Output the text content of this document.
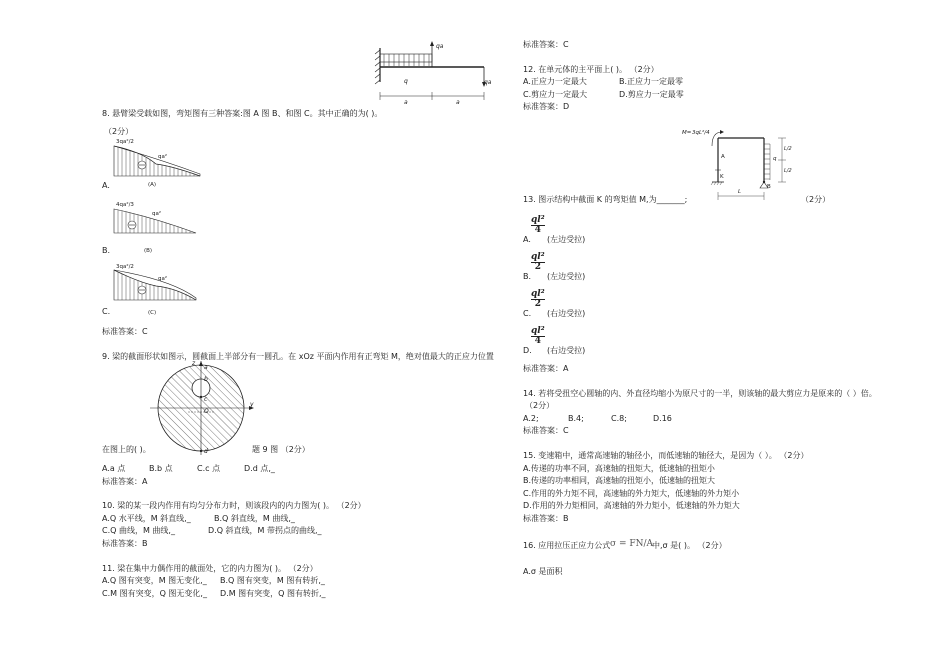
q
qa
a	a
qa
8. 悬臂梁受载如图，弯矩图有三种答案:图 A 图 B、和图 C。其中正确的为( )。
（2分）
3qa²/2
qa²
(A)
A.
4qa²/3
qa²
(B)
B.
3qa²/2
qa²
(C)
C.
标准答案：C
9. 梁的截面形状如图示，圆截面上半部分有一圆孔。在 xOz 平面内作用有正弯矩 M，绝对值最大的正应力位置
z
y
a
b
c
O
d
在图上的( )。	题 9 图 （2分）
A.a 点	B.b 点	C.c 点	D.d 点,_
标准答案：A
10. 梁的某一段内作用有均匀分布力时，则该段内的内力图为( )。 （2分）
A.Q 水平线，M 斜直线,_	B.Q 斜直线，M 曲线,_
C.Q 曲线，M 曲线,_	D.Q 斜直线，M 带拐点的曲线,_
标准答案：B
11. 梁在集中力偶作用的截面处，它的内力图为( )。 （2分）
A.Q 图有突变，M 图无变化,_ B.Q 图有突变，M 图有转折,_
C.M 图有突变，Q 图无变化,_ D.M 图有突变，Q 图有转折,_
标准答案：C
12. 在单元体的主平面上( )。 （2分）
A.正应力一定最大	B.正应力一定最零
C.剪应力一定最大	D.剪应力一定最零
标准答案：D
M= 3qL²/4
A
K
B
q
L
L/2
L/2
13. 图示结构中截面 K 的弯矩值 M,为_______;	（2分）
A.
$\frac{\text{ql²}}{4}$
(左边受拉)
B.
$\frac{\text{ql²}}{2}$
(左边受拉)
C.
$\frac{\text{ql²}}{2}$
(右边受拉)
D.
$\frac{\text{ql²}}{4}$
(右边受拉)
标准答案：A
14. 若将受扭空心圆轴的内、外直径均缩小为原尺寸的一半，则该轴的最大剪应力是原来的（ ）倍。
（2分）
A.2;	B.4;	C.8;	D.16
标准答案：C
15. 变速箱中，通常高速轴的轴径小，而低速轴的轴径大，是因为（ ）。 （2分）
A.传递的功率不同，高速轴的扭矩大，低速轴的扭矩小
B.传递的功率相同，高速轴的扭矩小，低速轴的扭矩大
C.作用的外力矩不同，高速轴的外力矩大，低速轴的外力矩小
D.作用的外力矩相同，高速轴的外力矩小，低速轴的外力矩大
标准答案：B
16. 应用拉压正应力公式 σ = FN/A
中,σ 是( )。 （2分）
A.σ 是面积
